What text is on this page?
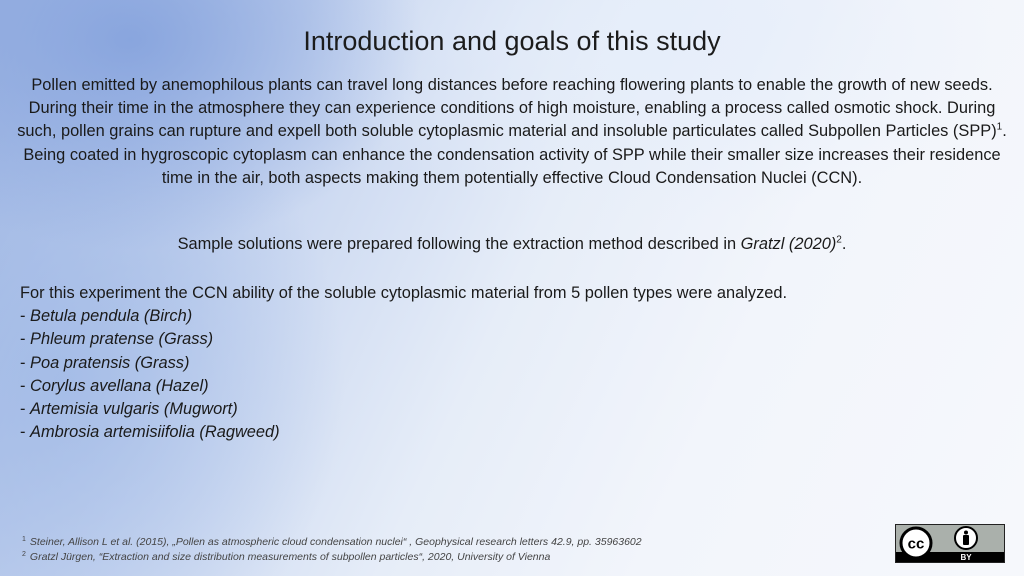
Introduction and goals of this study

Pollen emitted by anemophilous plants can travel long distances before reaching flowering plants to enable the growth of new seeds. During their time in the atmosphere they can experience conditions of high moisture, enabling a process called osmotic shock. During such, pollen grains can rupture and expell both soluble cytoplasmic material and insoluble particulates called Subpollen Particles (SPP)$^1$. Being coated in hygroscopic cytoplasm can enhance the condensation activity of SPP while their smaller size increases their residence time in the air, both aspects making them potentially effective Cloud Condensation Nuclei (CCN).

Sample solutions were prepared following the extraction method described in Gratzl $(2020)^2$.

For this experiment the CCN ability of the soluble cytoplasmic material from 5 pollen types were analyzed.
- Betula pendula (Birch)
- Phleum pratense (Grass)
- Poa pratensis (Grass)
- Corylus avellana (Hazel)
- Artemisia vulgaris (Mugwort)
- Ambrosia artemisiifolia (Ragweed)
$^1$ Steiner, Allison L et al. (2015), „Pollen as atmospheric cloud condensation nuclei“ , Geophysical research letters 42.9, pp. 35963602
$^2$ Gratzl Jürgen, “Extraction and size distribution measurements of subpollen particles“, 2020, University of Vienna
cc
BY
